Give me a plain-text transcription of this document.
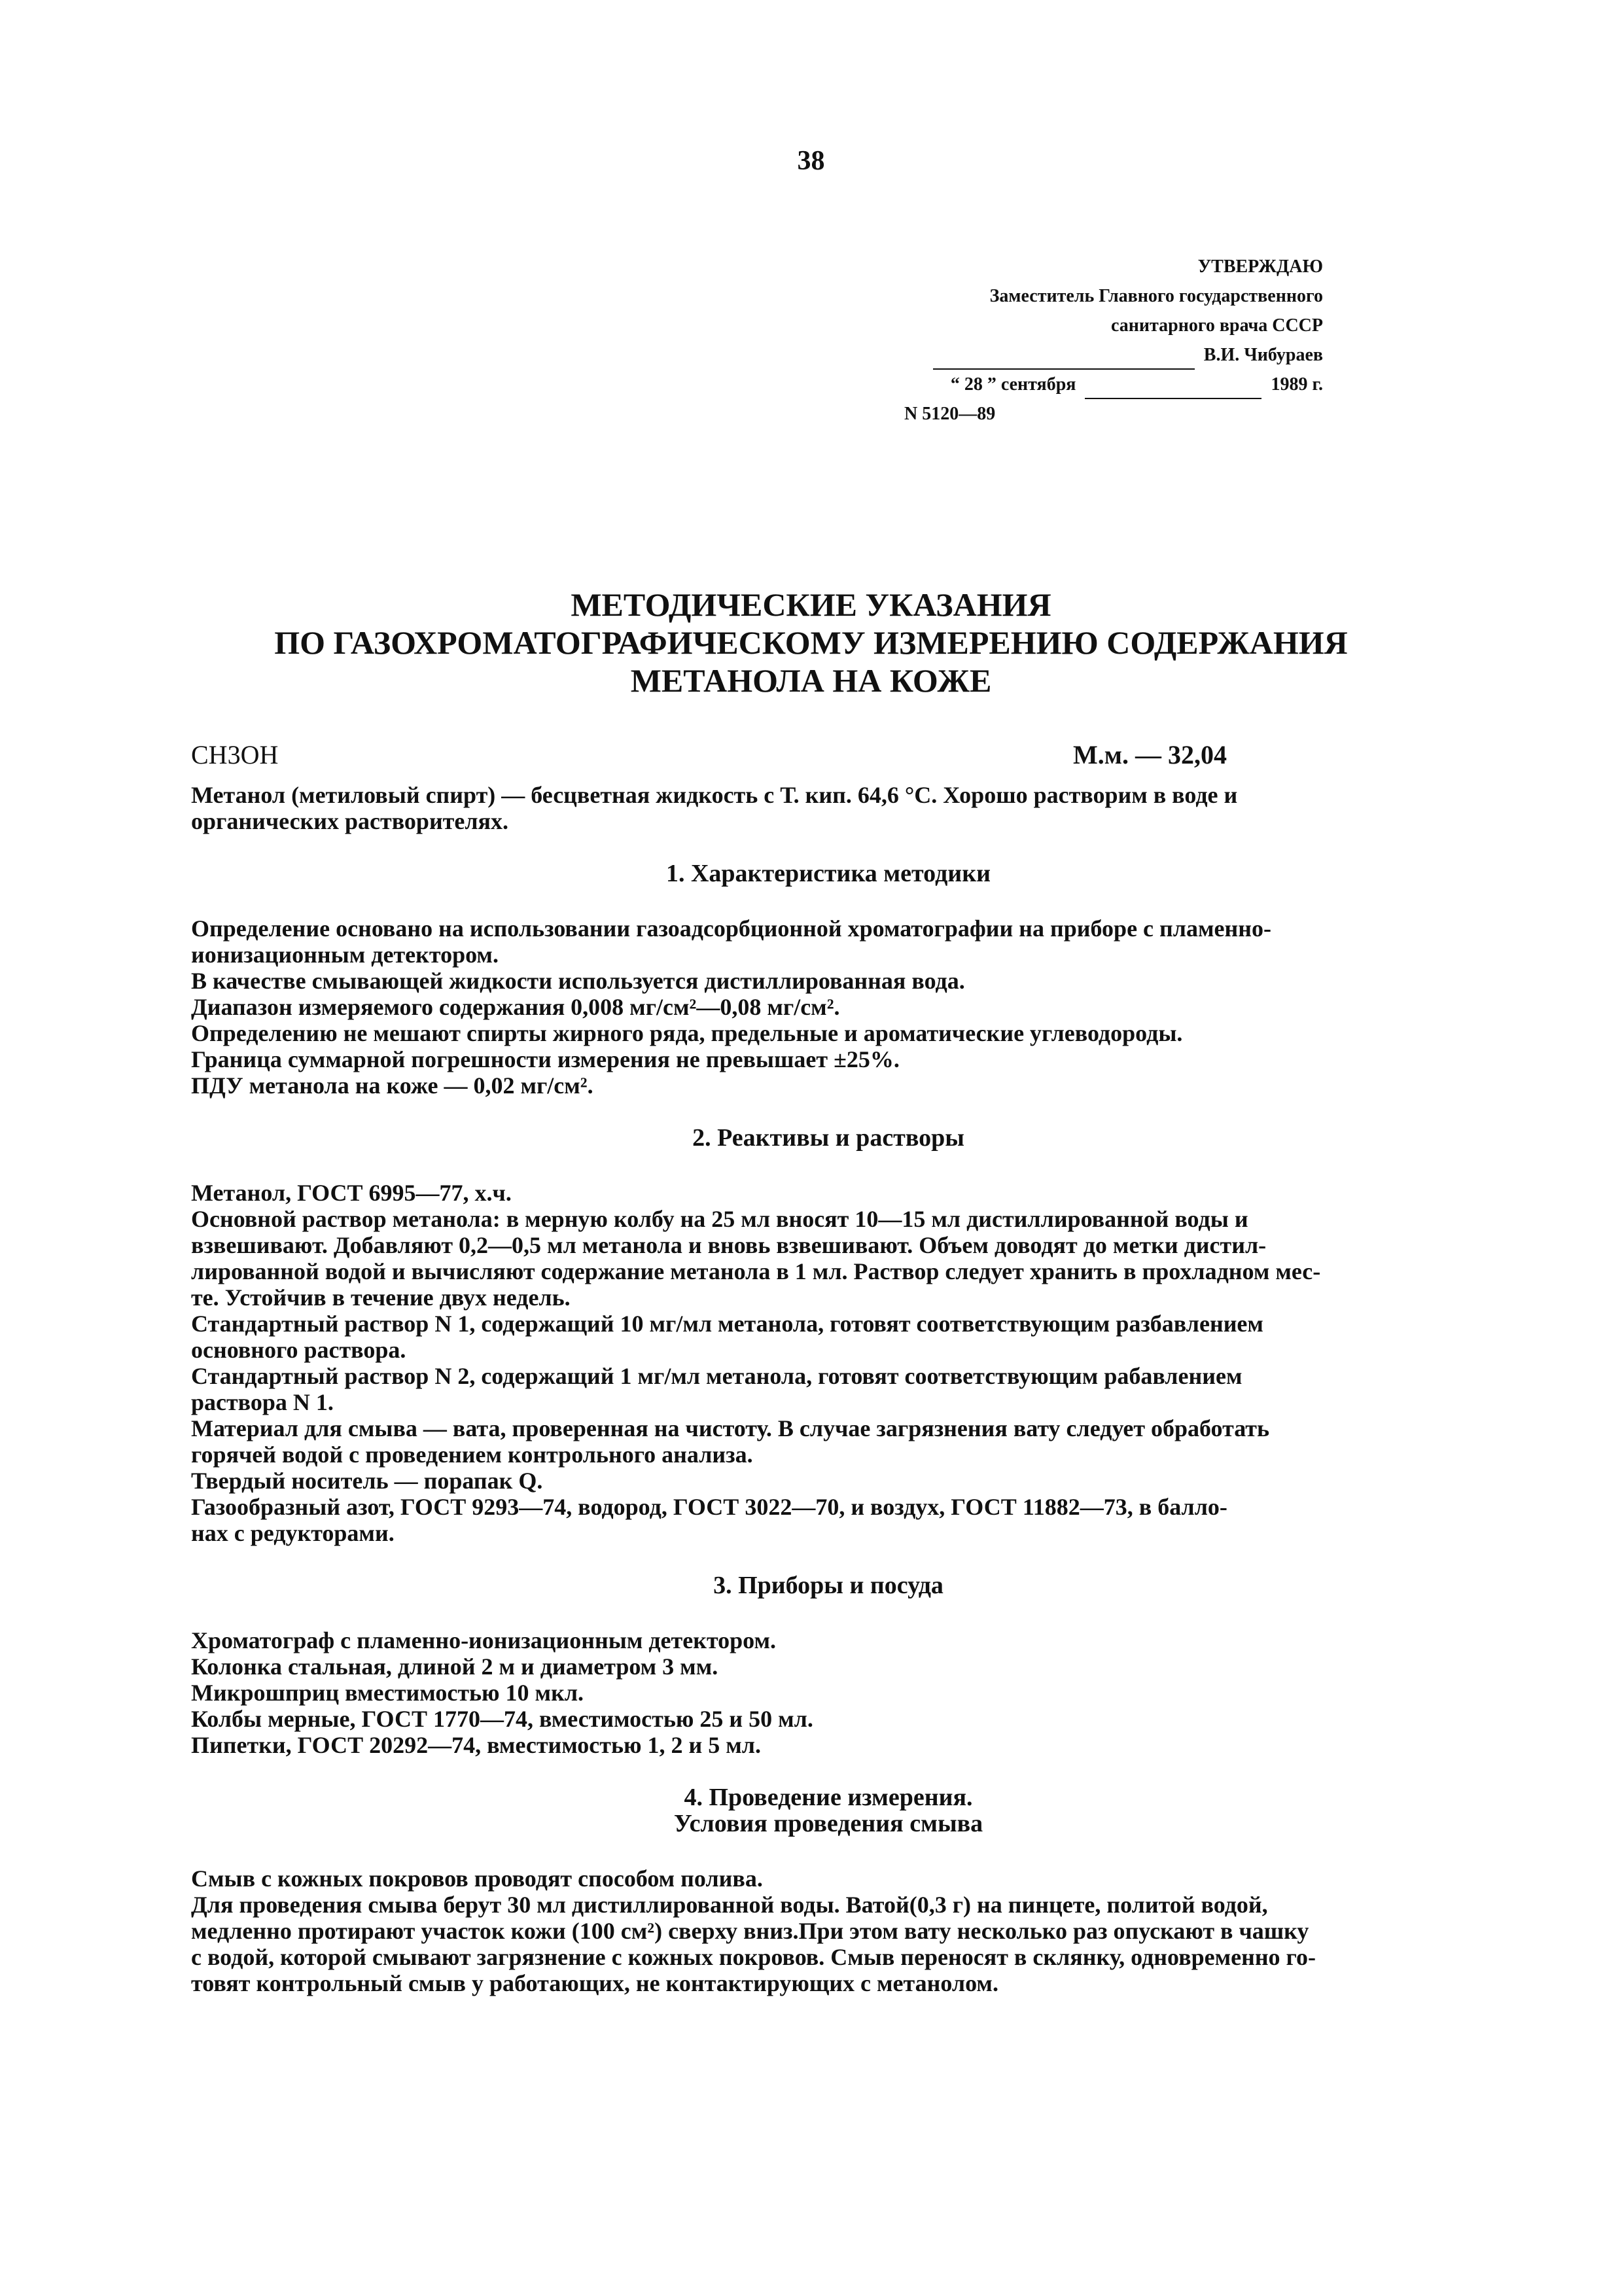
38
УТВЕРЖДАЮ
Заместитель Главного государственного
санитарного врача СССР
В.И. Чибураев
“ 28 ” сентября	1989 г.
N 5120—89
МЕТОДИЧЕСКИЕ УКАЗАНИЯ
ПО ГАЗОХРОМАТОГРАФИЧЕСКОМУ ИЗМЕРЕНИЮ СОДЕРЖАНИЯ
МЕТАНОЛА НА КОЖЕ
CH3OH	М.м. — 32,04

Метанол (метиловый спирт) — бесцветная жидкость с Т. кип. 64,6 °С. Хорошо растворим в воде и

органических растворителях.

1. Характеристика методики

Определение основано на использовании газоадсорбционной хроматографии на приборе с пламенно-

ионизационным детектором.

В качестве смывающей жидкости используется дистиллированная вода.

Диапазон измеряемого содержания 0,008 мг/см²—0,08 мг/см².

Определению не мешают спирты жирного ряда, предельные и ароматические углеводороды.

Граница суммарной погрешности измерения не превышает ±25%.

ПДУ метанола на коже — 0,02 мг/см².

2. Реактивы и растворы

Метанол, ГОСТ 6995—77, х.ч.

Основной раствор метанола: в мерную колбу на 25 мл вносят 10—15 мл дистиллированной воды и

взвешивают. Добавляют 0,2—0,5 мл метанола и вновь взвешивают. Объем доводят до метки дистил-

лированной водой и вычисляют содержание метанола в 1 мл. Раствор следует хранить в прохладном мес-

те. Устойчив в течение двух недель.

Стандартный раствор N 1, содержащий 10 мг/мл метанола, готовят соответствующим разбавлением

основного раствора.

Стандартный раствор N 2, содержащий 1 мг/мл метанола, готовят соответствующим рабавлением

раствора N 1.

Материал для смыва — вата, проверенная на чистоту. В случае загрязнения вату следует обработать

горячей водой с проведением контрольного анализа.

Твердый носитель — порапак Q.

Газообразный азот, ГОСТ 9293—74, водород, ГОСТ 3022—70, и воздух, ГОСТ 11882—73, в балло-

нах с редукторами.

3. Приборы и посуда

Хроматограф с пламенно-ионизационным детектором.

Колонка стальная, длиной 2 м и диаметром 3 мм.

Микрошприц вместимостью 10 мкл.

Колбы мерные, ГОСТ 1770—74, вместимостью 25 и 50 мл.

Пипетки, ГОСТ 20292—74, вместимостью 1, 2 и 5 мл.

4. Проведение измерения.
Условия проведения смыва

Смыв с кожных покровов проводят способом полива.

Для проведения смыва берут 30 мл дистиллированной воды. Ватой(0,3 г) на пинцете, политой водой,

медленно протирают участок кожи (100 см²) сверху вниз.При этом вату несколько раз опускают в чашку

с водой, которой смывают загрязнение с кожных покровов. Смыв переносят в склянку, одновременно го-

товят контрольный смыв у работающих, не контактирующих с метанолом.
